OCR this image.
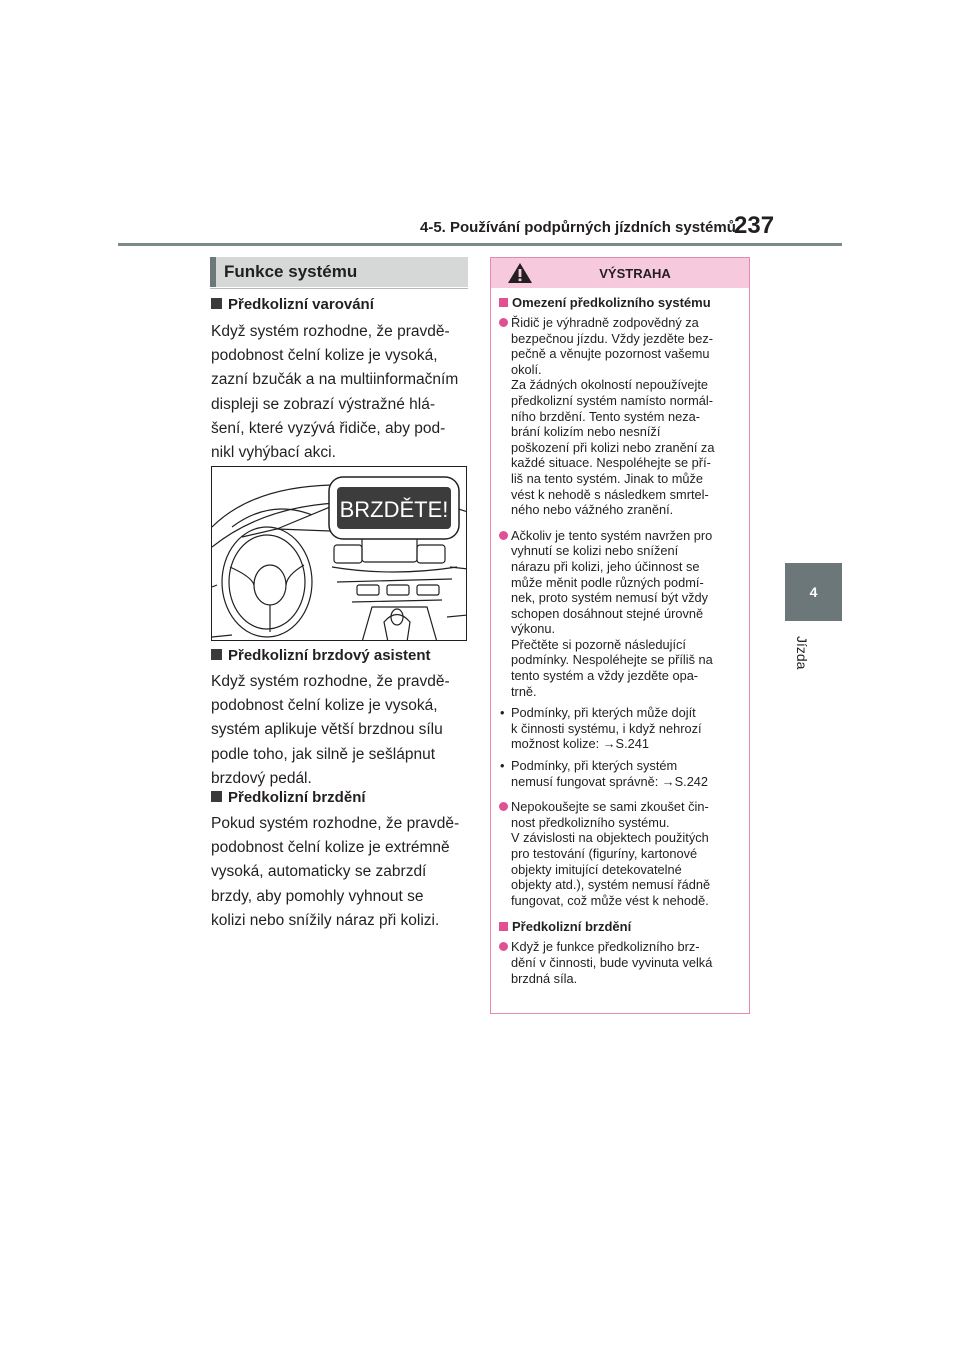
4-5. Používání podpůrných jízdních systémů
237
4
Jízda
Funkce systému
Předkolizní varování
Když systém rozhodne, že pravdě-
podobnost čelní kolize je vysoká,
zazní bzučák a na multiinformačním
displeji se zobrazí výstražné hlá-
šení, které vyzývá řidiče, aby pod-
nikl vyhýbací akci.
BRZDĚTE!
Předkolizní brzdový asistent
Když systém rozhodne, že pravdě-
podobnost čelní kolize je vysoká,
systém aplikuje větší brzdnou sílu
podle toho, jak silně je sešlápnut
brzdový pedál.
Předkolizní brzdění
Pokud systém rozhodne, že pravdě-
podobnost čelní kolize je extrémně
vysoká, automaticky se zabrzdí
brzdy, aby pomohly vyhnout se
kolizi nebo snížily náraz při kolizi.
VÝSTRAHA
Omezení předkolizního systému
Řidič je výhradně zodpovědný za
bezpečnou jízdu. Vždy jezděte bez-
pečně a věnujte pozornost vašemu
okolí.
Za žádných okolností nepoužívejte
předkolizní systém namísto normál-
ního brzdění. Tento systém neza-
brání kolizím nebo nesníží
poškození při kolizi nebo zranění za
každé situace. Nespoléhejte se pří-
liš na tento systém. Jinak to může
vést k nehodě s následkem smrtel-
ného nebo vážného zranění.
Ačkoliv je tento systém navržen pro
vyhnutí se kolizi nebo snížení
nárazu při kolizi, jeho účinnost se
může měnit podle různých podmí-
nek, proto systém nemusí být vždy
schopen dosáhnout stejné úrovně
výkonu.
Přečtěte si pozorně následující
podmínky. Nespoléhejte se příliš na
tento systém a vždy jezděte opa-
trně.
• Podmínky, při kterých může dojít
k činnosti systému, i když nehrozí
možnost kolize: →S.241
• Podmínky, při kterých systém
nemusí fungovat správně: →S.242
Nepokoušejte se sami zkoušet čin-
nost předkolizního systému.
V závislosti na objektech použitých
pro testování (figuríny, kartonové
objekty imitující detekovatelné
objekty atd.), systém nemusí řádně
fungovat, což může vést k nehodě.
Předkolizní brzdění
Když je funkce předkolizního brz-
dění v činnosti, bude vyvinuta velká
brzdná síla.
